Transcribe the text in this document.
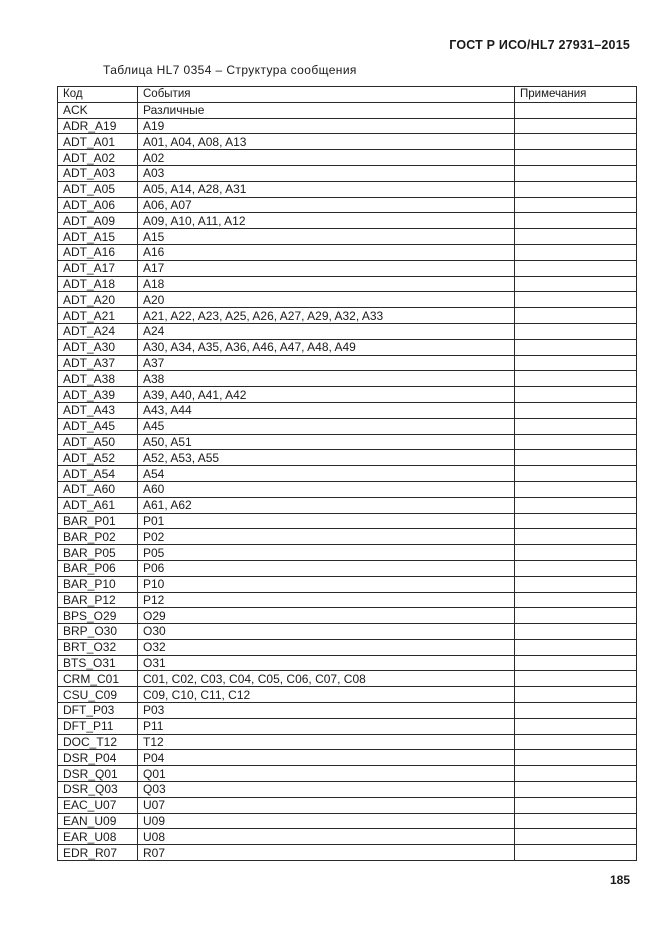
ГОСТ Р ИСО/HL7 27931–2015
Таблица HL7 0354 – Структура сообщения
Код	События	Примечания
ACK	Различные	
ADR_A19	A19	
ADT_A01	A01, A04, A08, A13	
ADT_A02	A02	
ADT_A03	A03	
ADT_A05	A05, A14, A28, A31	
ADT_A06	A06, A07	
ADT_A09	A09, A10, A11, A12	
ADT_A15	A15	
ADT_A16	A16	
ADT_A17	A17	
ADT_A18	A18	
ADT_A20	A20	
ADT_A21	A21, A22, A23, A25, A26, A27, A29, A32, A33	
ADT_A24	A24	
ADT_A30	A30, A34, A35, A36, A46, A47, A48, A49	
ADT_A37	A37	
ADT_A38	A38	
ADT_A39	A39, A40, A41, A42	
ADT_A43	A43, A44	
ADT_A45	A45	
ADT_A50	A50, A51	
ADT_A52	A52, A53, A55	
ADT_A54	A54	
ADT_A60	A60	
ADT_A61	A61, A62	
BAR_P01	P01	
BAR_P02	P02	
BAR_P05	P05	
BAR_P06	P06	
BAR_P10	P10	
BAR_P12	P12	
BPS_O29	O29	
BRP_O30	O30	
BRT_O32	O32	
BTS_O31	O31	
CRM_C01	C01, C02, C03, C04, C05, C06, C07, C08	
CSU_C09	C09, C10, C11, C12	
DFT_P03	P03	
DFT_P11	P11	
DOC_T12	T12	
DSR_P04	P04	
DSR_Q01	Q01	
DSR_Q03	Q03	
EAC_U07	U07	
EAN_U09	U09	
EAR_U08	U08	
EDR_R07	R07	
185
